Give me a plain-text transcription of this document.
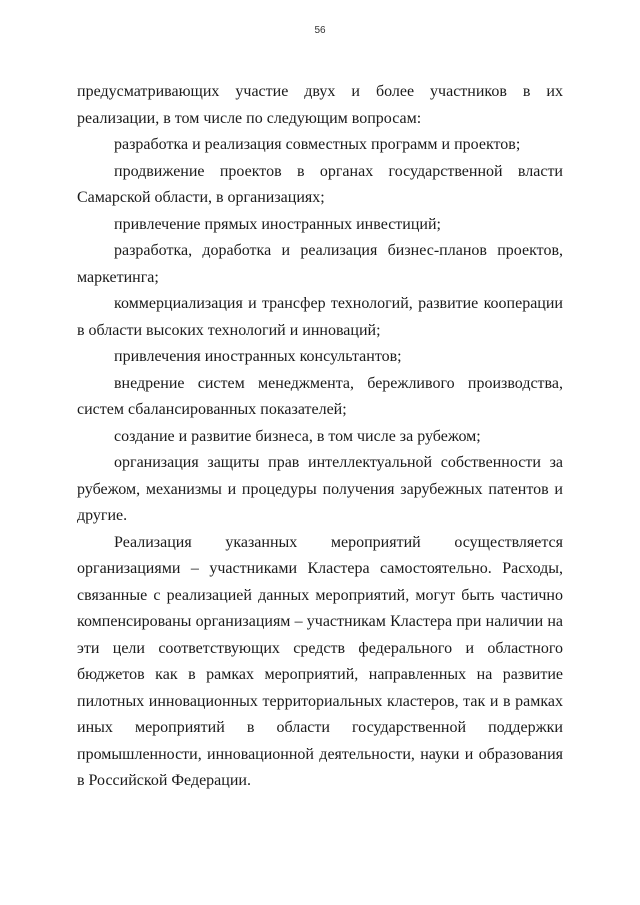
56

предусматривающих участие двух и более участников в их реализации, в том числе по следующим вопросам:

разработка и реализация совместных программ и проектов;

продвижение проектов в органах государственной власти Самарской области, в организациях;

привлечение прямых иностранных инвестиций;

разработка, доработка и реализация бизнес-планов проектов, маркетинга;

коммерциализация и трансфер технологий, развитие кооперации в области высоких технологий и инноваций;

привлечения иностранных консультантов;

внедрение систем менеджмента, бережливого производства, систем сбалансированных показателей;

создание и развитие бизнеса, в том числе за рубежом;

организация защиты прав интеллектуальной собственности за рубежом, механизмы и процедуры получения зарубежных патентов и другие.

Реализация указанных мероприятий осуществляется организациями – участниками Кластера самостоятельно. Расходы, связанные с реализацией данных мероприятий, могут быть частично компенсированы организациям – участникам Кластера при наличии на эти цели соответствующих средств федерального и областного бюджетов как в рамках мероприятий, направленных на развитие пилотных инновационных территориальных кластеров, так и в рамках иных мероприятий в области государственной поддержки промышленности, инновационной деятельности, науки и образования в Российской Федерации.
